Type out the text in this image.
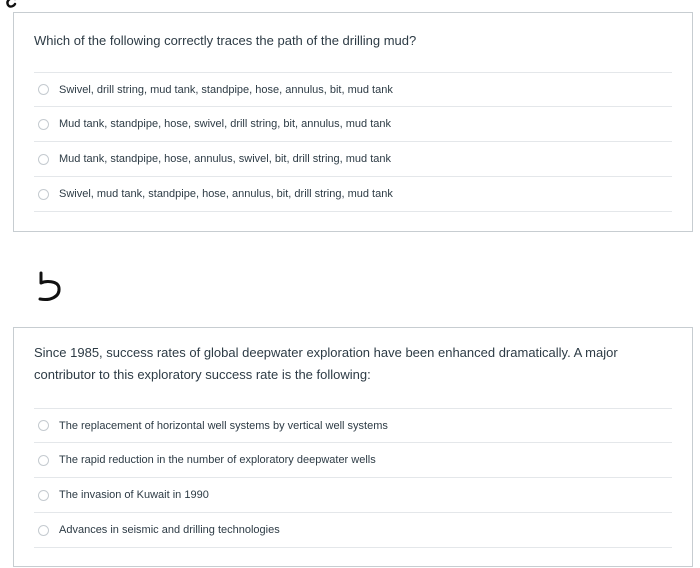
Which of the following correctly traces the path of the drilling mud?
Swivel, drill string, mud tank, standpipe, hose, annulus, bit, mud tank
Mud tank, standpipe, hose, swivel, drill string, bit, annulus, mud tank
Mud tank, standpipe, hose, annulus, swivel, bit, drill string, mud tank
Swivel, mud tank, standpipe, hose, annulus, bit, drill string, mud tank
Since 1985, success rates of global deepwater exploration have been enhanced dramatically. A major contributor to this exploratory success rate is the following:
The replacement of horizontal well systems by vertical well systems
The rapid reduction in the number of exploratory deepwater wells
The invasion of Kuwait in 1990
Advances in seismic and drilling technologies
